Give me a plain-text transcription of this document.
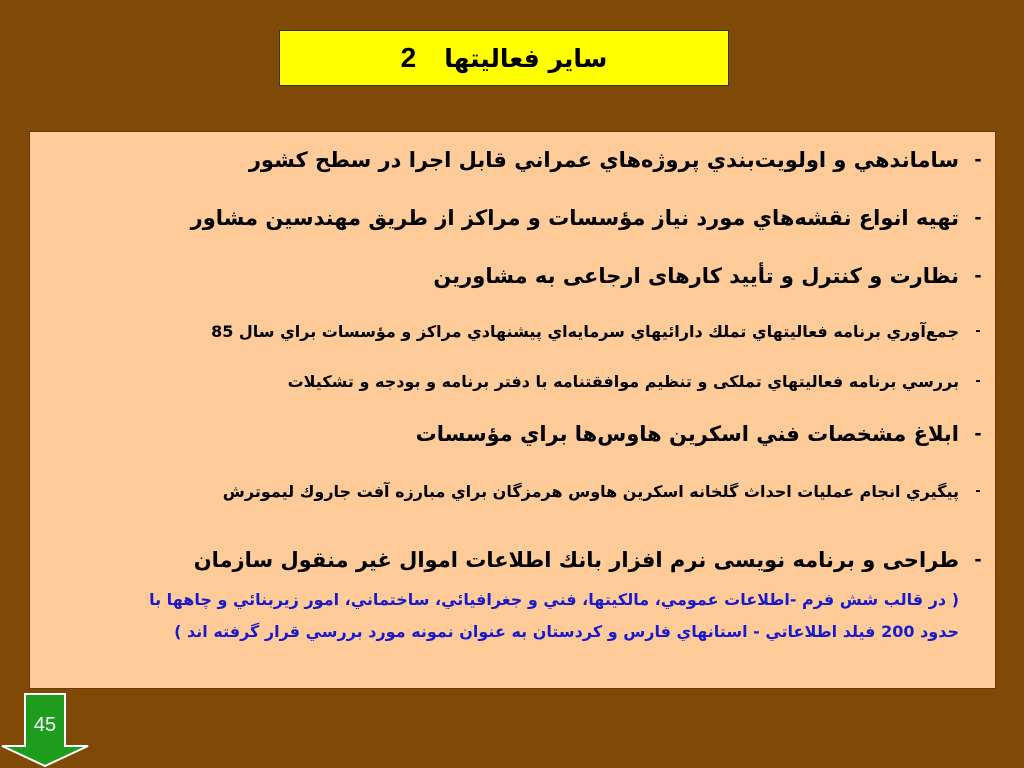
سایر فعالیتها
2
-
ساماندهي و اولويت‌بندي پروژه‌هاي عمراني قابل اجرا در سطح كشور
-
تهيه انواع نقشه‌هاي مورد نياز مؤسسات و مراكز از طريق مهندسين مشاور
-
نظارت و كنترل و تأييد كارهای ارجاعی به مشاورين
-
جمع‌آوري برنامه فعاليتهاي تملك دارائيهاي سرمايه‌اي پيشنهادي مراكز و مؤسسات براي سال 85
-
بررسي برنامه فعاليتهاي تملكی و تنظيم موافقتنامه با دفتر برنامه و بودجه و تشكيلات
-
ابلاغ مشخصات فني اسكرين هاوس‌ها براي مؤسسات
-
پيگيري انجام عمليات احداث گلخانه اسكرين هاوس هرمزگان براي مبارزه آفت جاروك ليموترش
-
طراحی و برنامه نويسی نرم افزار بانك اطلاعات اموال غير منقول سازمان
( در قالب شش فرم -اطلاعات عمومي، مالكيتها، فني و جغرافيائي، ساختماني، امور زيربنائي و چاهها با
حدود 200 فيلد اطلاعاتي - استانهاي فارس و كردستان به عنوان نمونه مورد بررسي قرار گرفته اند )
45
